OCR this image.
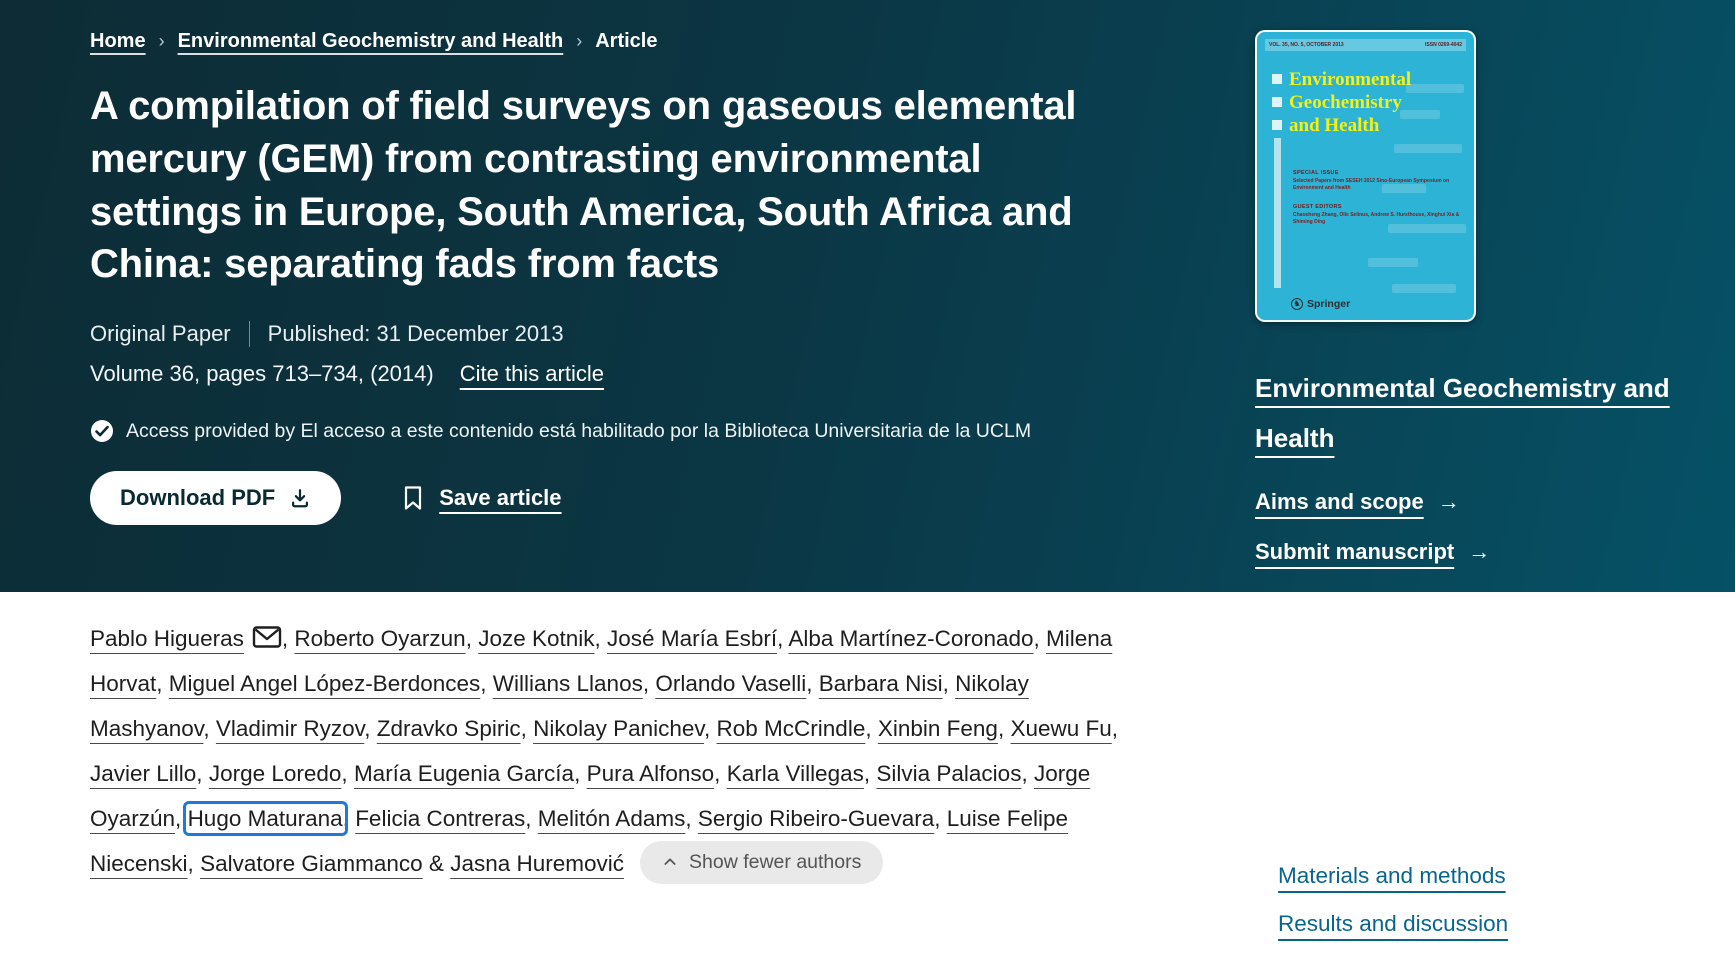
Home › Environmental Geochemistry and Health › Article
A compilation of field surveys on gaseous elemental mercury (GEM) from contrasting environmental settings in Europe, South America, South Africa and China: separating fads from facts
Original Paper Published: 31 December 2013
Volume 36, pages 713–734, (2014) Cite this article
Access provided by El acceso a este contenido está habilitado por la Biblioteca Universitaria de la UCLM
Download PDF	Save article
VOL. 35, NO. 5, OCTOBER 2013	ISSN 0269-4042
Environmental
Geochemistry
and Health
SPECIAL ISSUE
Selected Papers from SESEH 2012 Sino-European Symposium on Environment and Health
GUEST EDITORS
Chaosheng Zhang, Olle Selinus, Andrew S. Hursthouse, Xinghui Xia & Shiming Ding
♞ Springer
Environmental Geochemistry and Health
Aims and scope →
Submit manuscript →

Pablo Higueras , Roberto Oyarzun, Joze Kotnik, José María Esbrí, Alba Martínez-Coronado, Milena Horvat, Miguel Angel López-Berdonces, Willians Llanos, Orlando Vaselli, Barbara Nisi, Nikolay Mashyanov, Vladimir Ryzov, Zdravko Spiric, Nikolay Panichev, Rob McCrindle, Xinbin Feng, Xuewu Fu, Javier Lillo, Jorge Loredo, María Eugenia García, Pura Alfonso, Karla Villegas, Silvia Palacios, Jorge Oyarzún, Hugo Maturana, Felicia Contreras, Melitón Adams, Sergio Ribeiro-Guevara, Luise Felipe Niecenski, Salvatore Giammanco & Jasna Huremović	Show fewer authors

Materials and methods
Results and discussion
